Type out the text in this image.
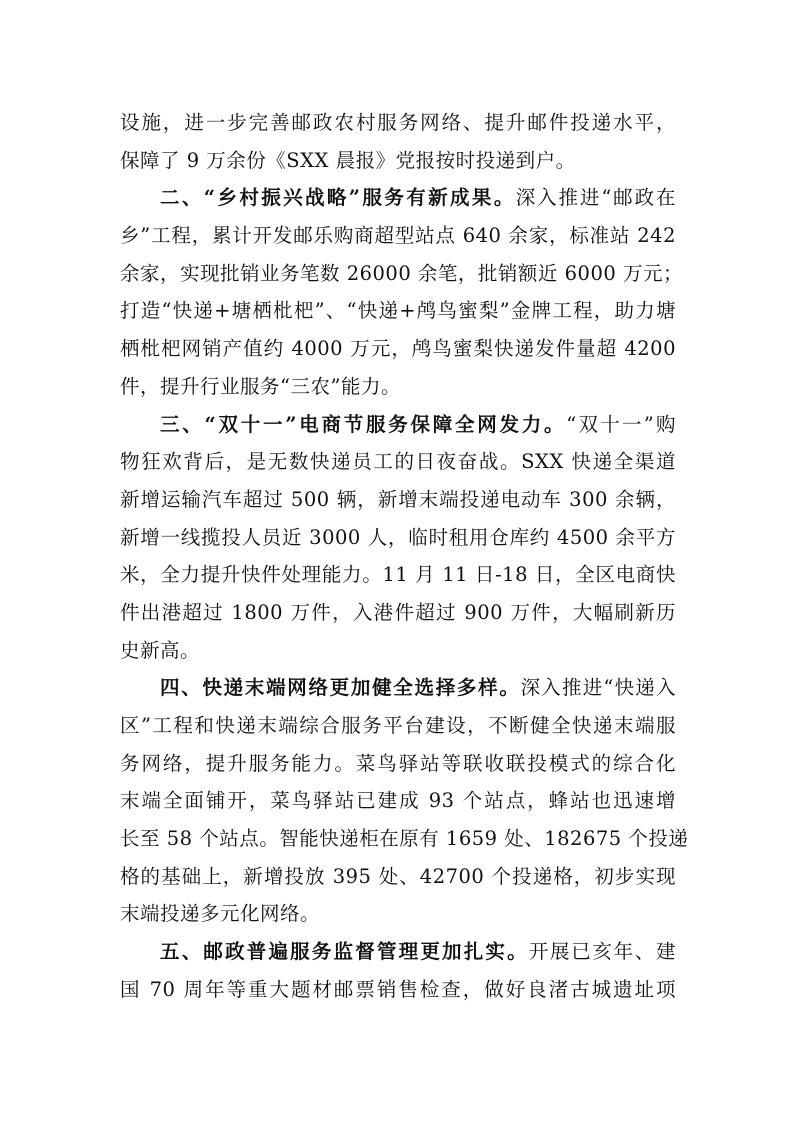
设施，进一步完善邮政农村服务网络、提升邮件投递水平，
保障了 9 万余份《SXX 晨报》党报按时投递到户。
二、“乡村振兴战略”服务有新成果。深入推进“邮政在
乡”工程，累计开发邮乐购商超型站点 640 余家，标准站 242
余家，实现批销业务笔数 26000 余笔，批销额近 6000 万元；
打造“快递+塘栖枇杷”、“快递+鸬鸟蜜梨”金牌工程，助力塘
栖枇杷网销产值约 4000 万元，鸬鸟蜜梨快递发件量超 4200
件，提升行业服务“三农”能力。
三、“双十一”电商节服务保障全网发力。“双十一”购
物狂欢背后，是无数快递员工的日夜奋战。SXX 快递全渠道
新增运输汽车超过 500 辆，新增末端投递电动车 300 余辆，
新增一线揽投人员近 3000 人，临时租用仓库约 4500 余平方
米，全力提升快件处理能力。11 月 11 日-18 日，全区电商快
件出港超过 1800 万件，入港件超过 900 万件，大幅刷新历
史新高。
四、快递末端网络更加健全选择多样。深入推进“快递入
区”工程和快递末端综合服务平台建设，不断健全快递末端服
务网络，提升服务能力。菜鸟驿站等联收联投模式的综合化
末端全面铺开，菜鸟驿站已建成 93 个站点，蜂站也迅速增
长至 58 个站点。智能快递柜在原有 1659 处、182675 个投递
格的基础上，新增投放 395 处、42700 个投递格，初步实现
末端投递多元化网络。
五、邮政普遍服务监督管理更加扎实。开展已亥年、建
国 70 周年等重大题材邮票销售检查，做好良渚古城遗址项
